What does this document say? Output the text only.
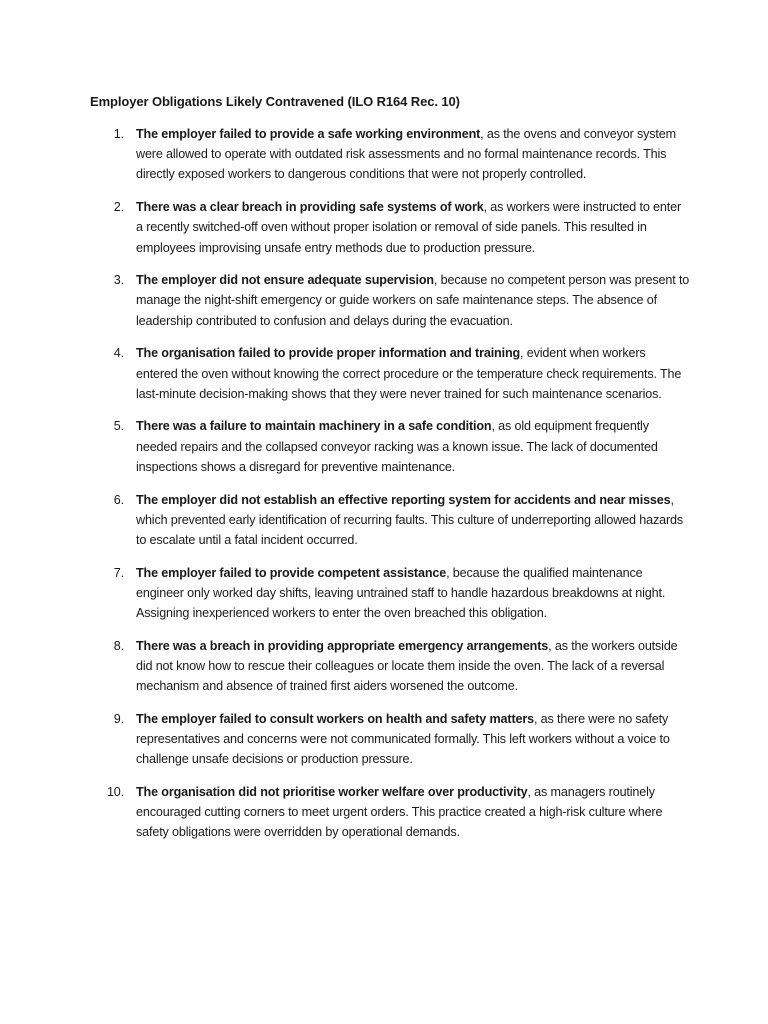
Employer Obligations Likely Contravened (ILO R164 Rec. 10)
1. The employer failed to provide a safe working environment, as the ovens and conveyor system were allowed to operate with outdated risk assessments and no formal maintenance records. This directly exposed workers to dangerous conditions that were not properly controlled.
2. There was a clear breach in providing safe systems of work, as workers were instructed to enter a recently switched-off oven without proper isolation or removal of side panels. This resulted in employees improvising unsafe entry methods due to production pressure.
3. The employer did not ensure adequate supervision, because no competent person was present to manage the night-shift emergency or guide workers on safe maintenance steps. The absence of leadership contributed to confusion and delays during the evacuation.
4. The organisation failed to provide proper information and training, evident when workers entered the oven without knowing the correct procedure or the temperature check requirements. The last-minute decision-making shows that they were never trained for such maintenance scenarios.
5. There was a failure to maintain machinery in a safe condition, as old equipment frequently needed repairs and the collapsed conveyor racking was a known issue. The lack of documented inspections shows a disregard for preventive maintenance.
6. The employer did not establish an effective reporting system for accidents and near misses, which prevented early identification of recurring faults. This culture of underreporting allowed hazards to escalate until a fatal incident occurred.
7. The employer failed to provide competent assistance, because the qualified maintenance engineer only worked day shifts, leaving untrained staff to handle hazardous breakdowns at night. Assigning inexperienced workers to enter the oven breached this obligation.
8. There was a breach in providing appropriate emergency arrangements, as the workers outside did not know how to rescue their colleagues or locate them inside the oven. The lack of a reversal mechanism and absence of trained first aiders worsened the outcome.
9. The employer failed to consult workers on health and safety matters, as there were no safety representatives and concerns were not communicated formally. This left workers without a voice to challenge unsafe decisions or production pressure.
10. The organisation did not prioritise worker welfare over productivity, as managers routinely encouraged cutting corners to meet urgent orders. This practice created a high-risk culture where safety obligations were overridden by operational demands.
